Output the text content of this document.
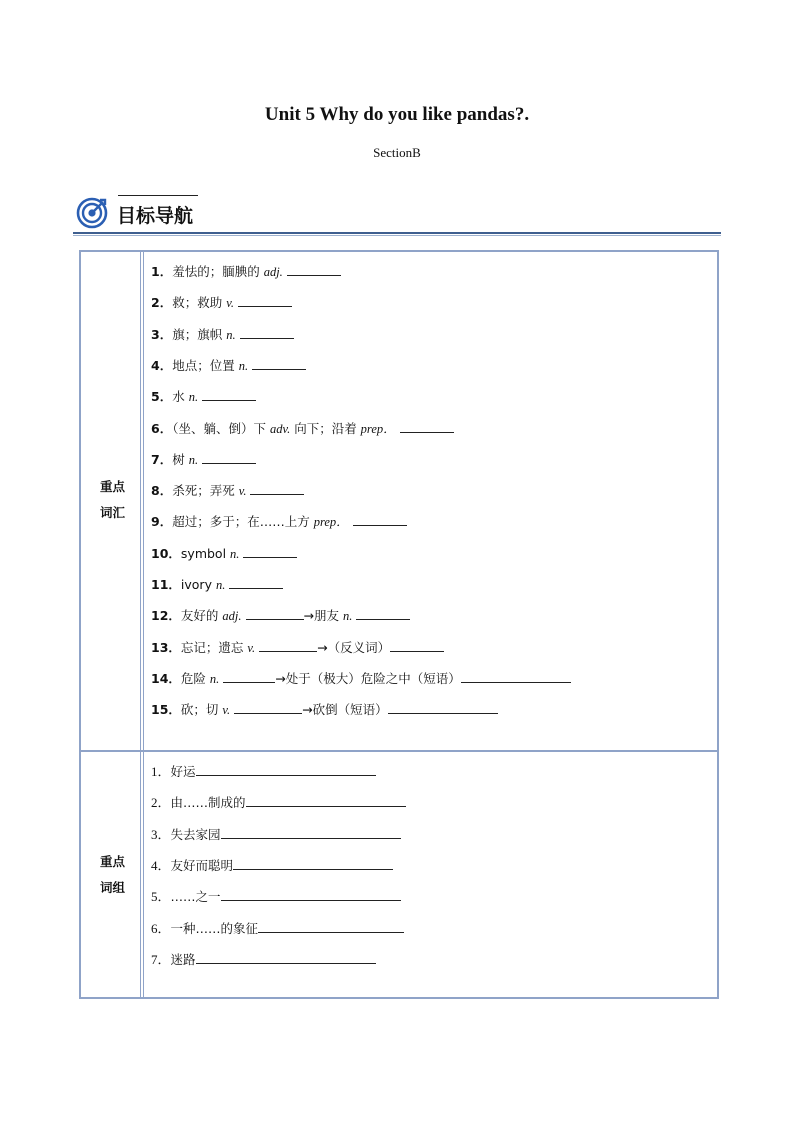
Unit 5 Why do you like pandas?.
SectionB
目标导航
重点
词汇
1．羞怯的；腼腆的 adj.
2．救；救助 v.
3．旗；旗帜 n.
4．地点；位置 n.
5．水 n.
6．（坐、躺、倒）下 adv. 向下；沿着 prep．
7．树 n.
8．杀死；弄死 v.
9．超过；多于；在……上方 prep．
10．symbol n.
11．ivory n.
12．友好的 adj.	→朋友 n.
13．忘记；遗忘 v.	→（反义词）
14．危险 n.	→处于（极大）危险之中（短语）
15．砍；切 v.	→砍倒（短语）
重点
词组
1．好运
2．由……制成的
3．失去家园
4．友好而聪明
5．……之一
6．一种……的象征
7．迷路
